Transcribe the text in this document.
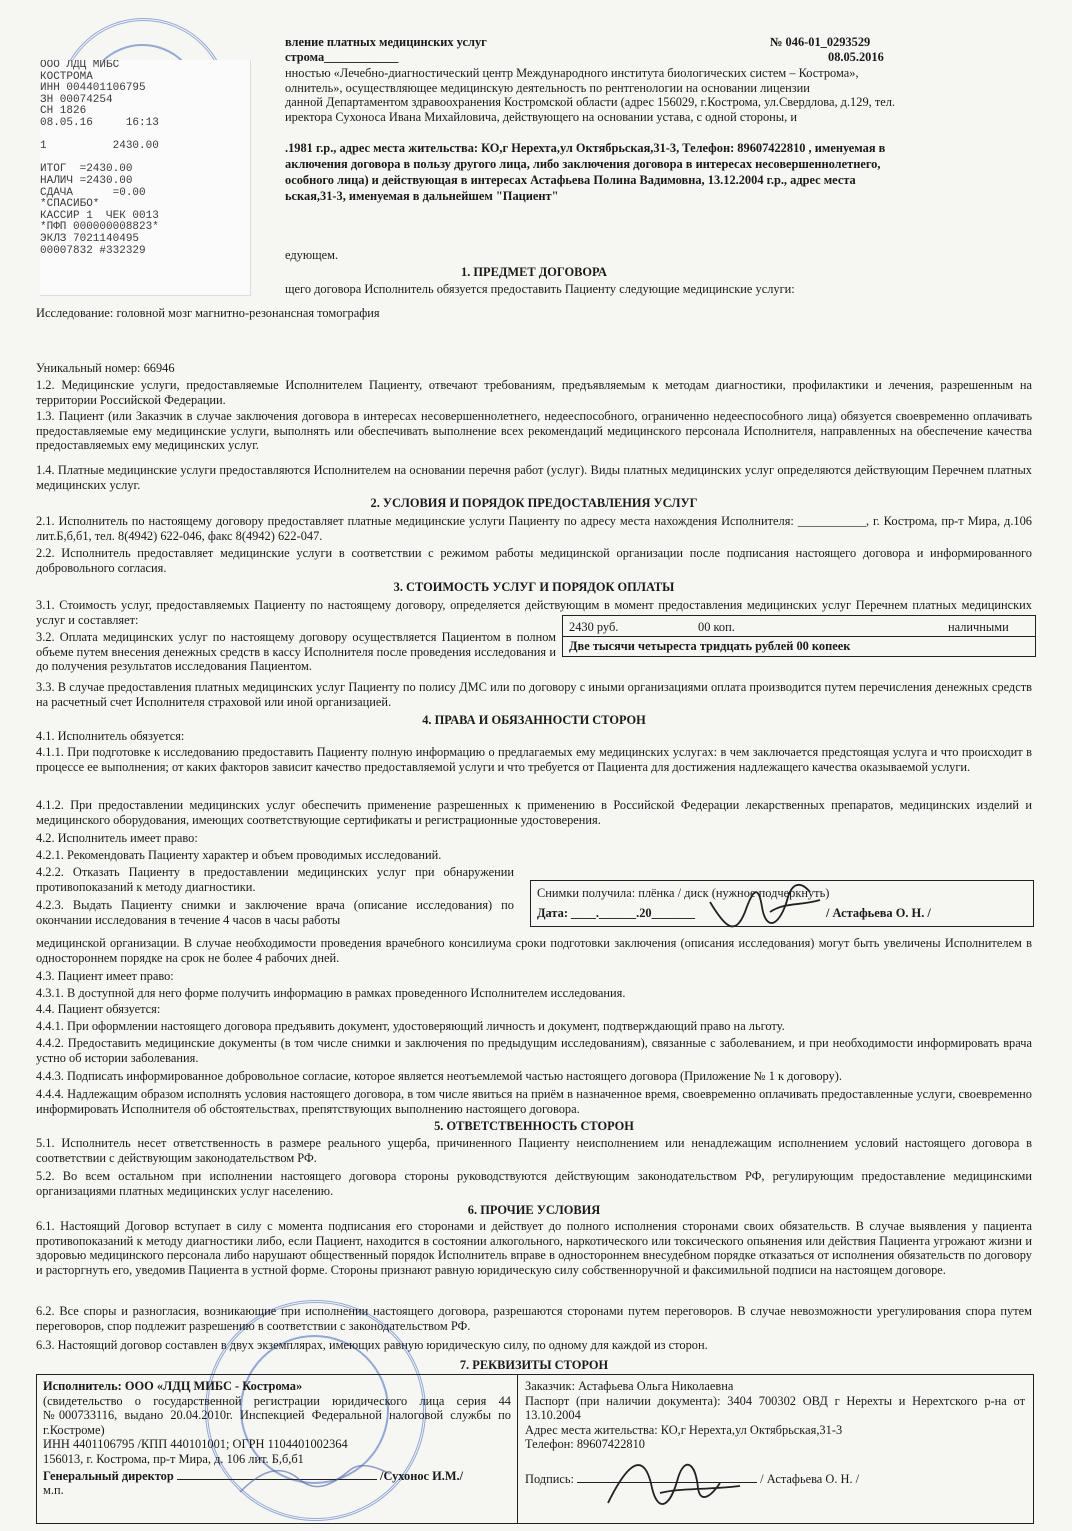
ООО ЛДЦ МИБС
КОСТРОМА
ИНН 004401106795
ЗН 00074254
СН 1826
08.05.16     16:13

1          2430.00

ИТОГ  =2430.00
НАЛИЧ =2430.00
СДАЧА      =0.00
*СПАСИБО*
КАССИР 1  ЧЕК 0013
*ПФП 000000008823*
ЭКЛЗ 7021140495
00007832 #332329
вление платных медицинских услуг	№ 046-01_0293529
строма____________	08.05.2016
нностью «Лечебно-диагностический центр Международного института биологических систем – Кострома»,
олнитель», осуществляющее медицинскую деятельность по рентгенологии на основании лицензии
данной Департаментом здравоохранения Костромской области (адрес 156029, г.Кострома, ул.Свердлова, д.129, тел.
иректора Сухоноса Ивана Михайловича, действующего на основании устава, с одной стороны, и
.1981 г.р., адрес места жительства: КО,г Нерехта,ул Октябрьская,31-3, Телефон: 89607422810 , именуемая в
аключения договора в пользу другого лица, либо заключения договора в интересах несовершеннолетнего,
особного лица) и действующая в интересах Астафьева Полина Вадимовна, 13.12.2004 г.р., адрес места
ьская,31-3, именуемая в дальнейшем "Пациент"
едующем.
1. ПРЕДМЕТ ДОГОВОРА
щего договора Исполнитель обязуется предоставить Пациенту следующие медицинские услуги:
Исследование: головной мозг магнитно-резонансная томография
Уникальный номер: 66946
1.2. Медицинские услуги, предоставляемые Исполнителем Пациенту, отвечают требованиям, предъявляемым к методам диагностики, профилактики и лечения, разрешенным на территории Российской Федерации.
1.3. Пациент (или Заказчик в случае заключения договора в интересах несовершеннолетнего, недееспособного, ограниченно недееспособного лица) обязуется своевременно оплачивать предоставляемые ему медицинские услуги, выполнять или обеспечивать выполнение всех рекомендаций медицинского персонала Исполнителя, направленных на обеспечение качества предоставляемых ему медицинских услуг.
1.4. Платные медицинские услуги предоставляются Исполнителем на основании перечня работ (услуг). Виды платных медицинских услуг определяются действующим Перечнем платных медицинских услуг.
2. УСЛОВИЯ И ПОРЯДОК ПРЕДОСТАВЛЕНИЯ УСЛУГ
2.1. Исполнитель по настоящему договору предоставляет платные медицинские услуги Пациенту по адресу места нахождения Исполнителя: ___________, г. Кострома, пр-т Мира, д.106 лит.Б,б,б1, тел. 8(4942) 622-046, факс 8(4942) 622-047.
2.2. Исполнитель предоставляет медицинские услуги в соответствии с режимом работы медицинской организации после подписания настоящего договора и информированного добровольного согласия.
3. СТОИМОСТЬ УСЛУГ И ПОРЯДОК ОПЛАТЫ
3.1. Стоимость услуг, предоставляемых Пациенту по настоящему договору, определяется действующим в момент предоставления медицинских услуг Перечнем платных медицинских услуг и составляет:
3.2. Оплата медицинских услуг по настоящему договору осуществляется Пациентом в полном объеме путем внесения денежных средств в кассу Исполнителя после проведения исследования и до получения результатов исследования Пациентом.
2430 руб.	00 коп.	наличными
Две тысячи четыреста тридцать рублей 00 копеек
3.3. В случае предоставления платных медицинских услуг Пациенту по полису ДМС или по договору с иными организациями оплата производится путем перечисления денежных средств на расчетный счет Исполнителя страховой или иной организацией.
4. ПРАВА И ОБЯЗАННОСТИ СТОРОН
4.1. Исполнитель обязуется:
4.1.1. При подготовке к исследованию предоставить Пациенту полную информацию о предлагаемых ему медицинских услугах: в чем заключается предстоящая услуга и что происходит в процессе ее выполнения; от каких факторов зависит качество предоставляемой услуги и что требуется от Пациента для достижения надлежащего качества оказываемой услуги.
4.1.2. При предоставлении медицинских услуг обеспечить применение разрешенных к применению в Российской Федерации лекарственных препаратов, медицинских изделий и медицинского оборудования, имеющих соответствующие сертификаты и регистрационные удостоверения.
4.2. Исполнитель имеет право:
4.2.1. Рекомендовать Пациенту характер и объем проводимых исследований.
4.2.2. Отказать Пациенту в предоставлении медицинских услуг при обнаружении противопоказаний к методу диагностики.
4.2.3. Выдать Пациенту снимки и заключение врача (описание исследования) по окончании исследования в течение 4 часов в часы работы
Снимки получила: плёнка / диск (нужное подчеркнуть)
Дата: ____.______.20_______	/ Астафьева О. Н. /
медицинской организации. В случае необходимости проведения врачебного консилиума сроки подготовки заключения (описания исследования) могут быть увеличены Исполнителем в одностороннем порядке на срок не более 4 рабочих дней.
4.3. Пациент имеет право:
4.3.1. В доступной для него форме получить информацию в рамках проведенного Исполнителем исследования.
4.4. Пациент обязуется:
4.4.1. При оформлении настоящего договора предъявить документ, удостоверяющий личность и документ, подтверждающий право на льготу.
4.4.2. Предоставить медицинские документы (в том числе снимки и заключения по предыдущим исследованиям), связанные с заболеванием, и при необходимости информировать врача устно об истории заболевания.
4.4.3. Подписать информированное добровольное согласие, которое является неотъемлемой частью настоящего договора (Приложение № 1 к договору).
4.4.4. Надлежащим образом исполнять условия настоящего договора, в том числе явиться на приём в назначенное время, своевременно оплачивать предоставленные услуги, своевременно информировать Исполнителя об обстоятельствах, препятствующих выполнению настоящего договора.
5. ОТВЕТСТВЕННОСТЬ СТОРОН
5.1. Исполнитель несет ответственность в размере реального ущерба, причиненного Пациенту неисполнением или ненадлежащим исполнением условий настоящего договора в соответствии с действующим законодательством РФ.
5.2. Во всем остальном при исполнении настоящего договора стороны руководствуются действующим законодательством РФ, регулирующим предоставление медицинскими организациями платных медицинских услуг населению.
6. ПРОЧИЕ УСЛОВИЯ
6.1. Настоящий Договор вступает в силу с момента подписания его сторонами и действует до полного исполнения сторонами своих обязательств. В случае выявления у пациента противопоказаний к методу диагностики либо, если Пациент, находится в состоянии алкогольного, наркотического или токсического опьянения или действия Пациента угрожают жизни и здоровью медицинского персонала либо нарушают общественный порядок Исполнитель вправе в одностороннем внесудебном порядке отказаться от исполнения обязательств по договору и расторгнуть его, уведомив Пациента в устной форме. Стороны признают равную юридическую силу собственноручной и факсимильной подписи на настоящем договоре.
6.2. Все споры и разногласия, возникающие при исполнении настоящего договора, разрешаются сторонами путем переговоров. В случае невозможности урегулирования спора путем переговоров, спор подлежит разрешению в соответствии с законодательством РФ.
6.3. Настоящий договор составлен в двух экземплярах, имеющих равную юридическую силу, по одному для каждой из сторон.
7. РЕКВИЗИТЫ СТОРОН
Исполнитель: ООО «ЛДЦ МИБС - Кострома»
(свидетельство о государственной регистрации юридического лица серия 44 №000733116, выдано 20.04.2010г. Инспекцией Федеральной налоговой службы по г.Костроме)
ИНН 4401106795 /КПП 440101001; ОГРН 1104401002364
156013, г. Кострома, пр-т Мира, д. 106 лит. Б,б,б1
Генеральный директор	/Сухонос И.М./
м.п.
Заказчик: Астафьева Ольга Николаевна
Паспорт (при наличии документа): 3404 700302 ОВД г Нерехты и Нерехтского р-на от 13.10.2004
Адрес места жительства: КО,г Нерехта,ул Октябрьская,31-3
Телефон: 89607422810
Подпись:	/ Астафьева О. Н. /
